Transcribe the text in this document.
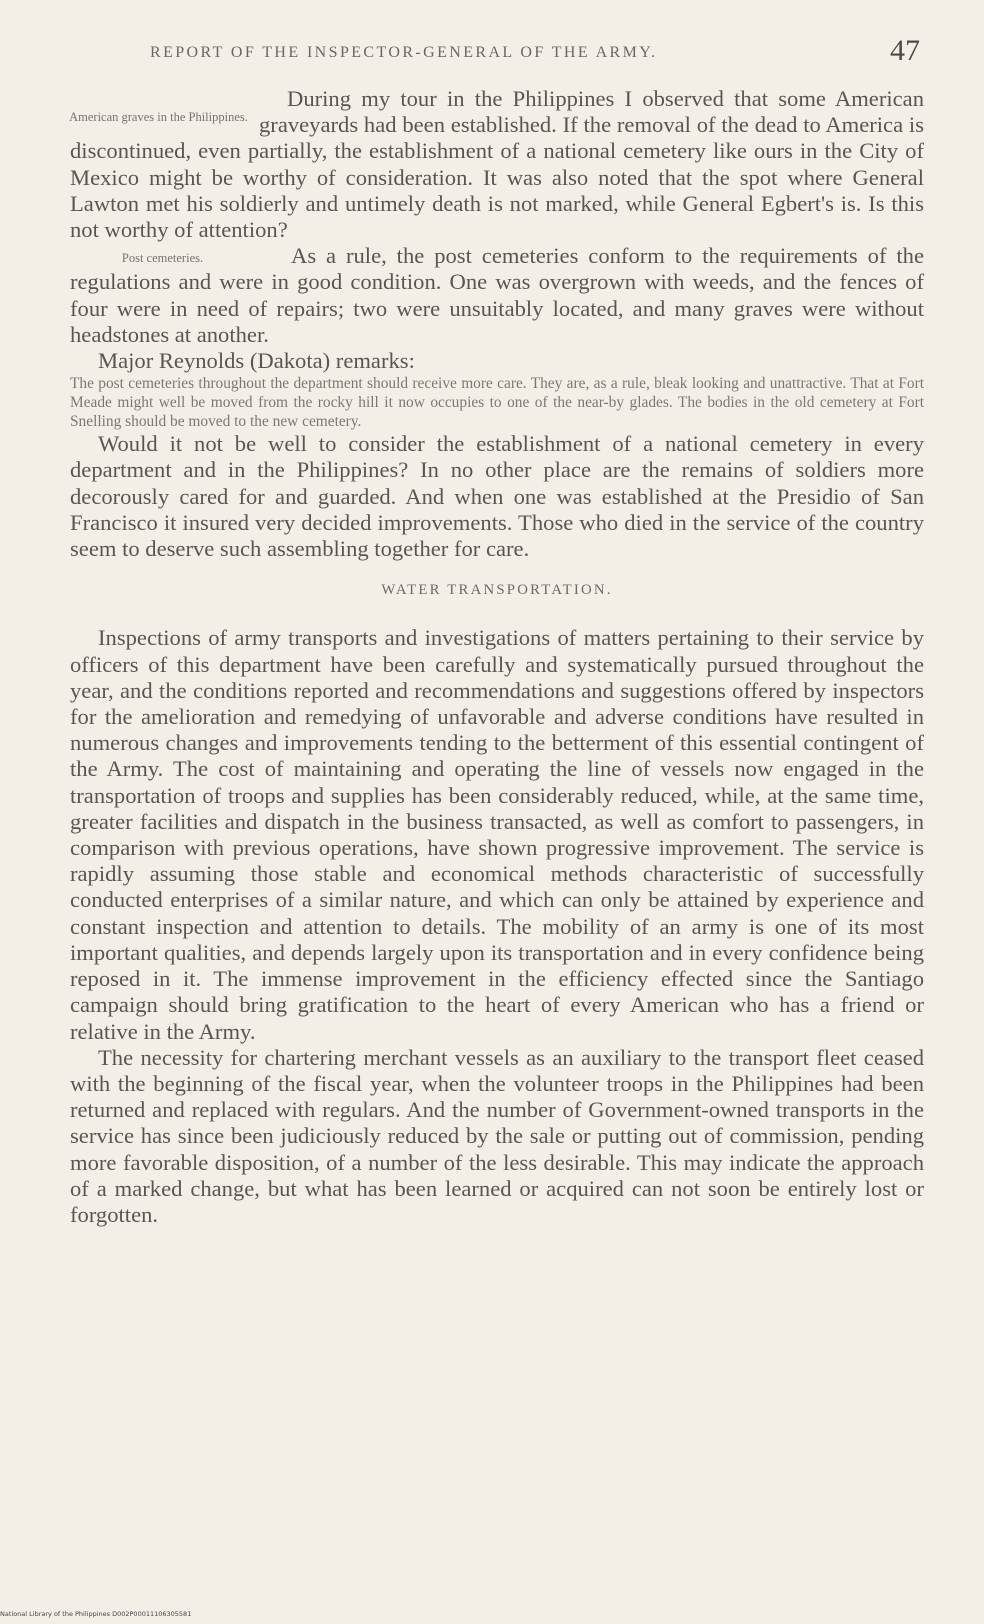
REPORT OF THE INSPECTOR-GENERAL OF THE ARMY.	47
American graves in the Philippines.

During my tour in the Philippines I observed that some American graveyards had been established. If the removal of the dead to America is discontinued, even partially, the establishment of a national cemetery like ours in the City of Mexico might be worthy of consideration. It was also noted that the spot where General Lawton met his soldierly and untimely death is not marked, while General Egbert's is. Is this not worthy of attention?

Post cemeteries.	As a rule, the post cemeteries conform to the requirements of the regulations and were in good condition. One was overgrown with weeds, and the fences of four were in need of repairs; two were unsuitably located, and many graves were without headstones at another.

Major Reynolds (Dakota) remarks:

The post cemeteries throughout the department should receive more care. They are, as a rule, bleak looking and unattractive. That at Fort Meade might well be moved from the rocky hill it now occupies to one of the near-by glades. The bodies in the old cemetery at Fort Snelling should be moved to the new cemetery.

Would it not be well to consider the establishment of a national cemetery in every department and in the Philippines? In no other place are the remains of soldiers more decorously cared for and guarded. And when one was established at the Presidio of San Francisco it insured very decided improvements. Those who died in the service of the country seem to deserve such assembling together for care.

WATER TRANSPORTATION.

Inspections of army transports and investigations of matters pertaining to their service by officers of this department have been carefully and systematically pursued throughout the year, and the conditions reported and recommendations and suggestions offered by inspectors for the amelioration and remedying of unfavorable and adverse conditions have resulted in numerous changes and improvements tending to the betterment of this essential contingent of the Army. The cost of maintaining and operating the line of vessels now engaged in the transportation of troops and supplies has been considerably reduced, while, at the same time, greater facilities and dispatch in the business transacted, as well as comfort to passengers, in comparison with previous operations, have shown progressive improvement. The service is rapidly assuming those stable and economical methods characteristic of successfully conducted enterprises of a similar nature, and which can only be attained by experience and constant inspection and attention to details. The mobility of an army is one of its most important qualities, and depends largely upon its transportation and in every confidence being reposed in it. The immense improvement in the efficiency effected since the Santiago campaign should bring gratification to the heart of every American who has a friend or relative in the Army.

The necessity for chartering merchant vessels as an auxiliary to the transport fleet ceased with the beginning of the fiscal year, when the volunteer troops in the Philippines had been returned and replaced with regulars. And the number of Government-owned transports in the service has since been judiciously reduced by the sale or putting out of commission, pending more favorable disposition, of a number of the less desirable. This may indicate the approach of a marked change, but what has been learned or acquired can not soon be entirely lost or forgotten.

National Library of the Philippines D002P00011106305581
